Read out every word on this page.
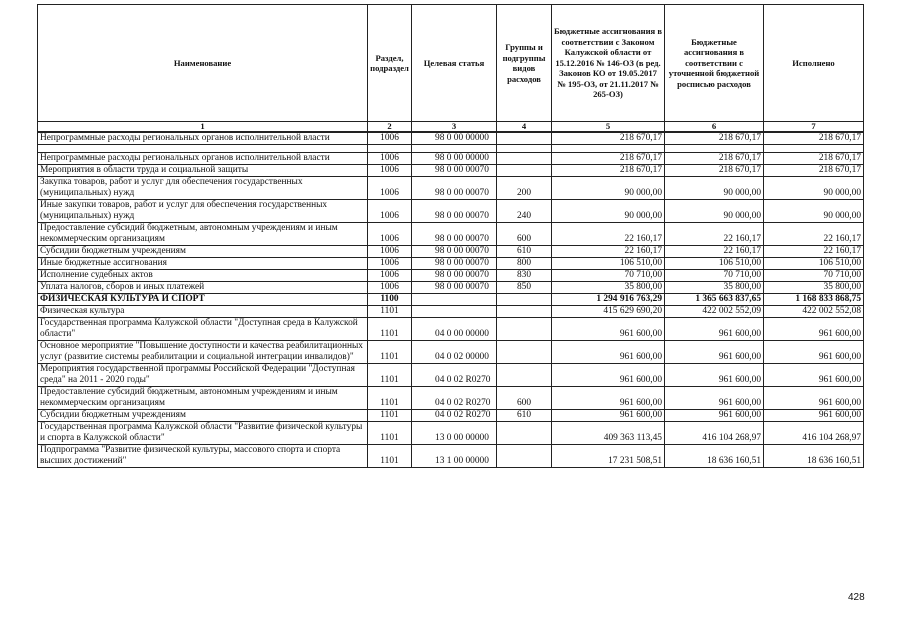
Наименование	Раздел, подраздел	Целевая статья	Группы и подгруппы видов расходов	Бюджетные ассигнования в соответствии с Законом Калужской области от 15.12.2016 № 146-ОЗ (в ред. Законов КО от 19.05.2017 № 195-ОЗ, от 21.11.2017 № 265-ОЗ)	Бюджетные ассигнования в соответствии с уточненной бюджетной росписью расходов	Исполнено
1	2	3	4	5	6	7
Непрограммные расходы региональных органов исполнительной власти	1006	98 0 00 00000		218 670,17	218 670,17	218 670,17

Непрограммные расходы региональных органов исполнительной власти	1006	98 0 00 00000		218 670,17	218 670,17	218 670,17
Мероприятия в области труда и социальной защиты	1006	98 0 00 00070		218 670,17	218 670,17	218 670,17
Закупка товаров, работ и услуг для обеспечения государственных (муниципальных) нужд	1006	98 0 00 00070	200	90 000,00	90 000,00	90 000,00
Иные закупки товаров, работ и услуг для обеспечения государственных (муниципальных) нужд	1006	98 0 00 00070	240	90 000,00	90 000,00	90 000,00
Предоставление субсидий бюджетным, автономным учреждениям и иным некоммерческим организациям	1006	98 0 00 00070	600	22 160,17	22 160,17	22 160,17
Субсидии бюджетным учреждениям	1006	98 0 00 00070	610	22 160,17	22 160,17	22 160,17
Иные бюджетные ассигнования	1006	98 0 00 00070	800	106 510,00	106 510,00	106 510,00
Исполнение судебных актов	1006	98 0 00 00070	830	70 710,00	70 710,00	70 710,00
Уплата налогов, сборов и иных платежей	1006	98 0 00 00070	850	35 800,00	35 800,00	35 800,00
ФИЗИЧЕСКАЯ КУЛЬТУРА И СПОРТ	1100			1 294 916 763,29	1 365 663 837,65	1 168 833 868,75
Физическая культура	1101			415 629 690,20	422 002 552,09	422 002 552,08
Государственная программа Калужской области "Доступная среда в Калужской области"	1101	04 0 00 00000		961 600,00	961 600,00	961 600,00
Основное мероприятие "Повышение доступности и качества реабилитационных услуг (развитие системы реабилитации и социальной интеграции инвалидов)"	1101	04 0 02 00000		961 600,00	961 600,00	961 600,00
Мероприятия государственной программы Российской Федерации "Доступная среда" на 2011 - 2020 годы"	1101	04 0 02 R0270		961 600,00	961 600,00	961 600,00
Предоставление субсидий бюджетным, автономным учреждениям и иным некоммерческим организациям	1101	04 0 02 R0270	600	961 600,00	961 600,00	961 600,00
Субсидии бюджетным учреждениям	1101	04 0 02 R0270	610	961 600,00	961 600,00	961 600,00
Государственная программа Калужской области "Развитие физической культуры и спорта в Калужской области"	1101	13 0 00 00000		409 363 113,45	416 104 268,97	416 104 268,97
Подпрограмма "Развитие физической культуры, массового спорта и спорта высших достижений"	1101	13 1 00 00000		17 231 508,51	18 636 160,51	18 636 160,51
428
